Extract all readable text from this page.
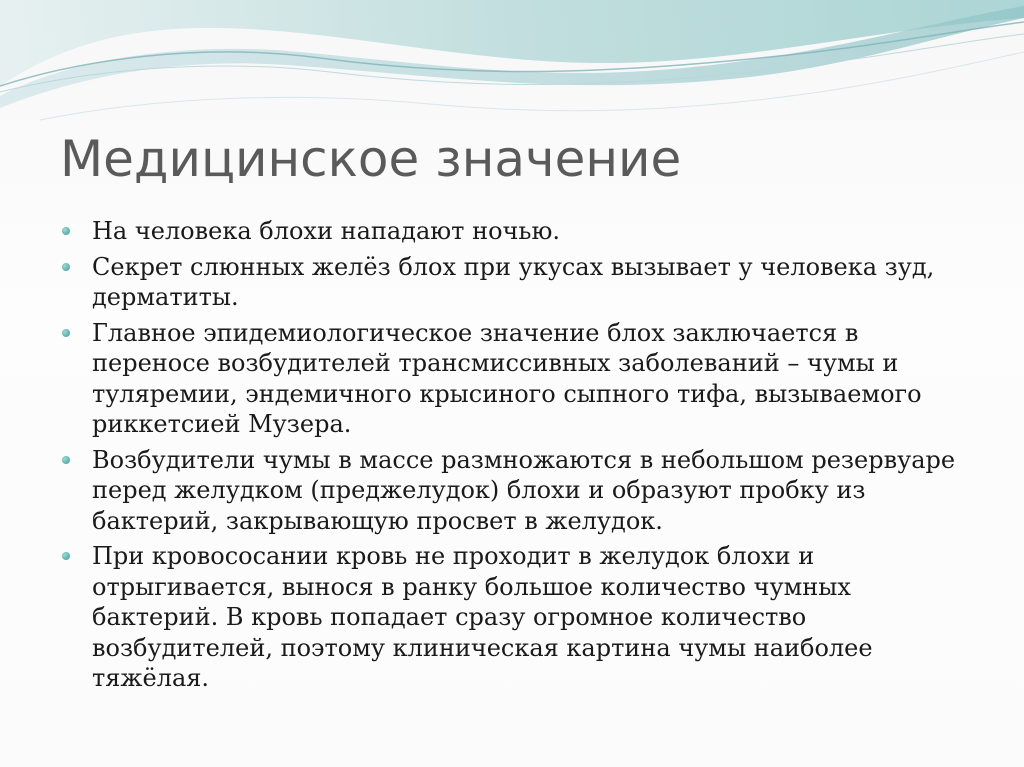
Медицинское значение
На человека блохи нападают ночью.
Секрет слюнных желёз блох при укусах вызывает у человека зуд, дерматиты.
Главное эпидемиологическое значение блох заключается в переносе возбудителей трансмиссивных заболеваний – чумы и туляремии, эндемичного крысиного сыпного тифа, вызываемого риккетсией Музера.
Возбудители чумы в массе размножаются в небольшом резервуаре перед желудком (преджелудок) блохи и образуют пробку из бактерий, закрывающую просвет в желудок.
При кровососании кровь не проходит в желудок блохи и отрыгивается, вынося в ранку большое количество чумных бактерий. В кровь попадает сразу огромное количество возбудителей, поэтому клиническая картина чумы наиболее тяжёлая.
